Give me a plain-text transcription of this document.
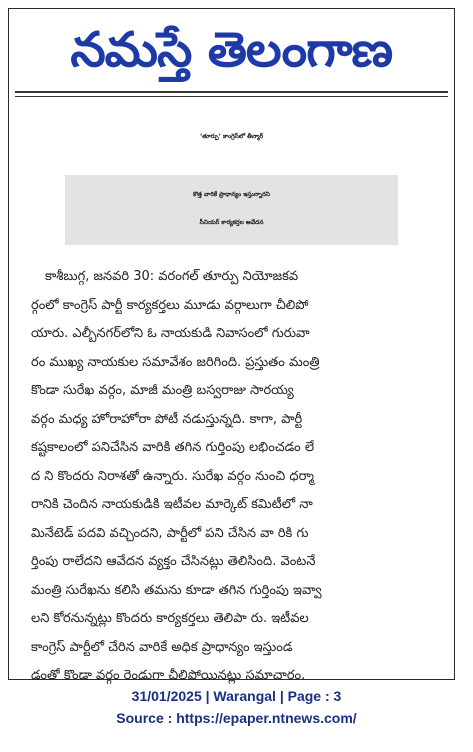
నమస్తే తెలంగాణ
‘తూర్పు’ కాంగ్రెస్‌లో తీన్మార్
కొత్త వారికే ప్రాధాన్యం ఇస్తున్నారని
సీనియర్ కార్యకర్తల ఆవేదన
కాశీబుగ్గ, జనవరి 30: వరంగల్ తూర్పు నియోజకవ
ర్గంలో కాంగ్రెస్ పార్టీ కార్యకర్తలు మూడు వర్గాలుగా చీలిపో
యారు. ఎల్బీనగర్‌లోని ఓ నాయకుడి నివాసంలో గురువా
రం ముఖ్య నాయకుల సమావేశం జరిగింది. ప్రస్తుతం మంత్రి
కొండా సురేఖ వర్గం, మాజీ మంత్రి బస్వరాజు సారయ్య
వర్గం మధ్య హోరాహోరా పోటీ నడుస్తున్నది. కాగా, పార్టీ
కష్టకాలంలో పనిచేసిన వారికి తగిన గుర్తింపు లభించడం లే
ద ని కొందరు నిరాశతో ఉన్నారు. సురేఖ వర్గం నుంచి ధర్మా
రానికి చెందిన నాయకుడికి ఇటీవల మార్కెట్ కమిటీలో నా
మినేటెడ్ పదవి వచ్చిందని, పార్టీలో పని చేసిన వా రికి గు
ర్తింపు రాలేదని ఆవేదన వ్యక్తం చేసినట్లు తెలిసింది. వెంటనే
మంత్రి సురేఖను కలిసి తమను కూడా తగిన గుర్తింపు ఇవ్వా
లని కోరనున్నట్లు కొందరు కార్యకర్తలు తెలిపా రు. ఇటీవల
కాంగ్రెస్ పార్టీలో చేరిన వారికే అధిక ప్రాధాన్యం ఇస్తుండ
డంతో కొండా వర్గం రెండుగా చీలిపోయినట్లు సమాచారం.
31/01/2025 | Warangal | Page : 3
Source : https://epaper.ntnews.com/
